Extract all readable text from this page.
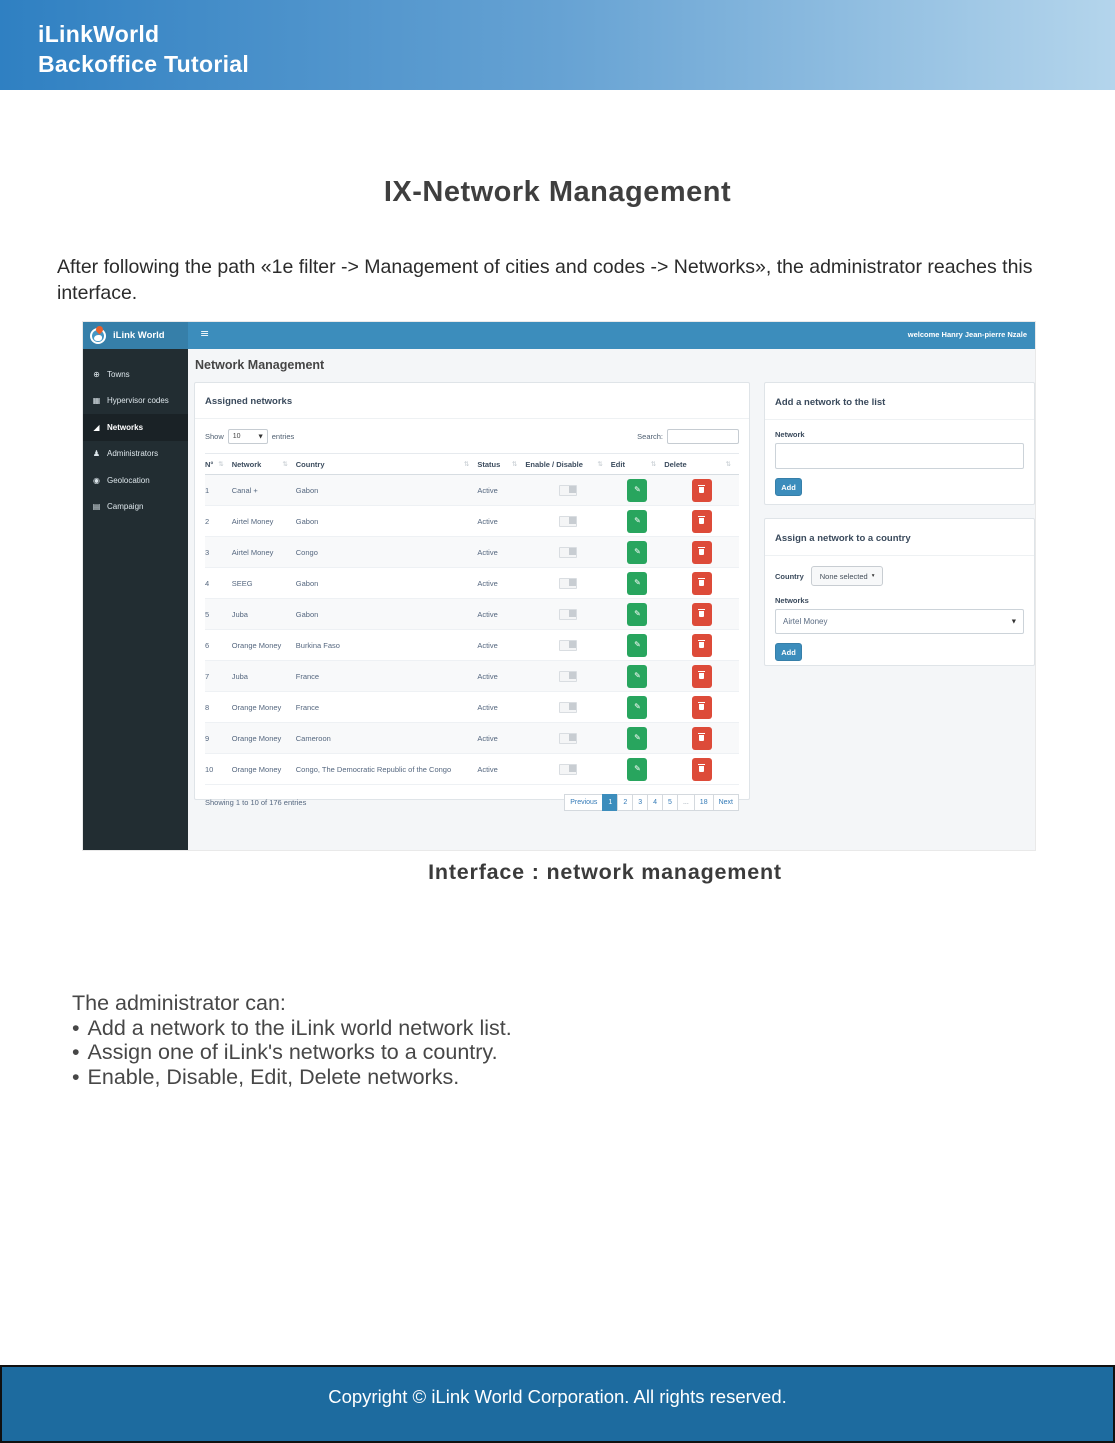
iLinkWorld
Backoffice Tutorial
IX-Network Management
After following the path «1e filter -> Management of cities and codes -> Networks», the administrator reaches this interface.
iLink World	≡	welcome Hanry Jean-pierre Nzale
⊕ Towns
▦ Hypervisor codes
◢ Networks
♟ Administrators
◉ Geolocation
▤ Campaign
Network Management
Assigned networks
Show 10	▼ entries	Search:
N° ⇅ Network	⇅ Country	⇅ Status ⇅ Enable / Disable ⇅ Edit	⇅ Delete	⇅
1	Canal +	Gabon	Active	✎
2	Airtel Money	Gabon	Active	✎
3	Airtel Money	Congo	Active	✎
4	SEEG	Gabon	Active	✎
5	Juba	Gabon	Active	✎
6	Orange Money	Burkina Faso	Active	✎
7	Juba	France	Active	✎
8	Orange Money	France	Active	✎
9	Orange Money	Cameroon	Active	✎
10	Orange Money	Congo, The Democratic Republic of the Congo	Active	✎
Showing 1 to 10 of 176 entries	Previous	1	2	3	4	5	...	18	Next
Add a network to the list
Network
Add
Assign a network to a country
Country None selected ▾
Networks
Airtel Money	▼
Add
Interface : network management
The administrator can:
• Add a network to the iLink world network list.
• Assign one of iLink's networks to a country.
• Enable, Disable, Edit, Delete networks.
Copyright © iLink World Corporation. All rights reserved.
